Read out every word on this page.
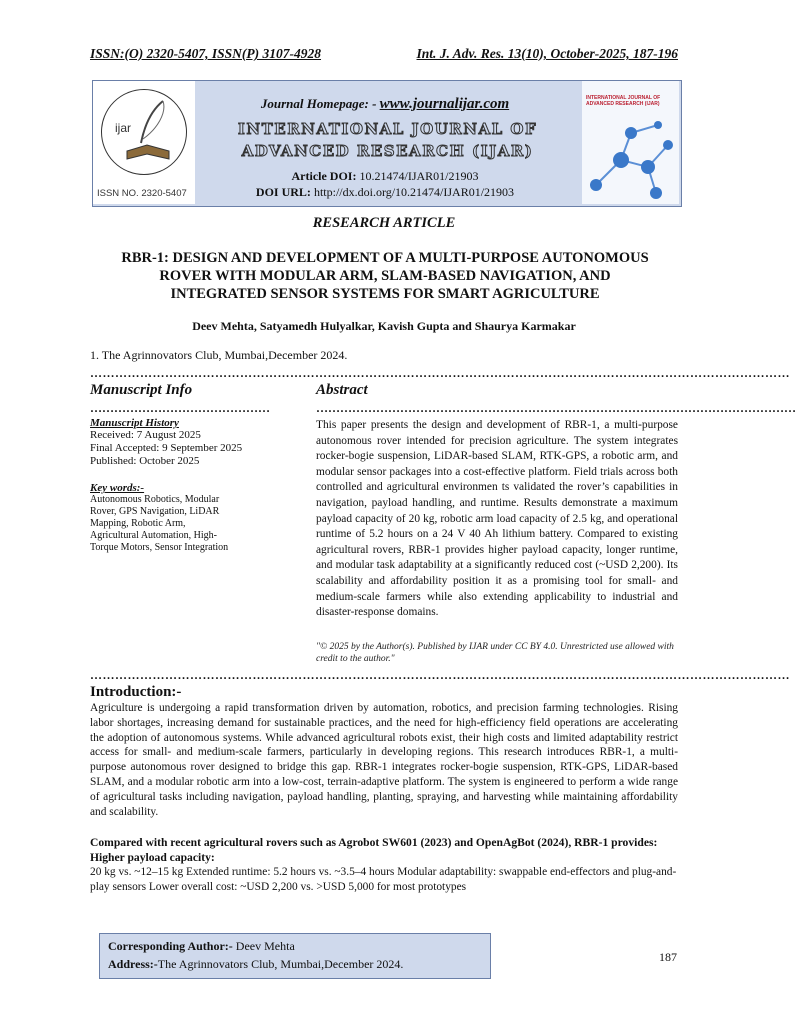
ISSN:(O) 2320-5407, ISSN(P) 3107-4928	Int. J. Adv. Res. 13(10), October-2025, 187-196
ijar
ISSN NO. 2320-5407
Journal Homepage: - www.journalijar.com
INTERNATIONAL JOURNAL OF
ADVANCED RESEARCH (IJAR)
Article DOI: 10.21474/IJAR01/21903
DOI URL: http://dx.doi.org/10.21474/IJAR01/21903
INTERNATIONAL JOURNAL OF ADVANCED RESEARCH (IJAR)
RESEARCH ARTICLE
RBR-1: DESIGN AND DEVELOPMENT OF A MULTI-PURPOSE AUTONOMOUS
ROVER WITH MODULAR ARM, SLAM-BASED NAVIGATION, AND
INTEGRATED SENSOR SYSTEMS FOR SMART AGRICULTURE
Deev Mehta, Satyamedh Hulyalkar, Kavish Gupta and Shaurya Karmakar
1. The Agrinnovators Club, Mumbai,December 2024.
……………………………………………………………………………………………………………………………………………………
Manuscript Info
………………………………………
Manuscript History
Received: 7 August 2025
Final Accepted: 9 September 2025
Published: October 2025
Key words:-
Autonomous Robotics, Modular
Rover, GPS Navigation, LiDAR
Mapping, Robotic Arm,
Agricultural Automation, High-
Torque Motors, Sensor Integration
Abstract
…………………………………………………………………………………………………………
This paper presents the design and development of RBR-1, a multi-purpose autonomous rover intended for precision agriculture. The system integrates rocker-bogie suspension, LiDAR-based SLAM, RTK-GPS, a robotic arm, and modular sensor packages into a cost-effective platform. Field trials across both controlled and agricultural environmen ts validated the rover’s capabilities in navigation, payload handling, and runtime. Results demonstrate a maximum payload capacity of 20 kg, robotic arm load capacity of 2.5 kg, and operational runtime of 5.2 hours on a 24 V 40 Ah lithium battery. Compared to existing agricultural rovers, RBR-1 provides higher payload capacity, longer runtime, and modular task adaptability at a significantly reduced cost (~USD 2,200). Its scalability and affordability position it as a promising tool for small- and medium-scale farmers while also extending applicability to industrial and disaster-response domains.
"© 2025 by the Author(s). Published by IJAR under CC BY 4.0. Unrestricted use allowed with credit to the author."
……………………………………………………………………………………………………………………………………………………
Introduction:-
Agriculture is undergoing a rapid transformation driven by automation, robotics, and precision farming technologies. Rising labor shortages, increasing demand for sustainable practices, and the need for high-efficiency field operations are accelerating the adoption of autonomous systems. While advanced agricultural robots exist, their high costs and limited adaptability restrict access for small- and medium-scale farmers, particularly in developing regions. This research introduces RBR-1, a multi-purpose autonomous rover designed to bridge this gap. RBR-1 integrates rocker-bogie suspension, RTK-GPS, LiDAR-based SLAM, and a modular robotic arm into a low-cost, terrain-adaptive platform. The system is engineered to perform a wide range of agricultural tasks including navigation, payload handling, planting, spraying, and harvesting while maintaining affordability and scalability.
Compared with recent agricultural rovers such as Agrobot SW601 (2023) and OpenAgBot (2024), RBR-1 provides: Higher payload capacity:
20 kg vs. ~12–15 kg Extended runtime: 5.2 hours vs. ~3.5–4 hours Modular adaptability: swappable end-effectors and plug-and-play sensors Lower overall cost: ~USD 2,200 vs. >USD 5,000 for most prototypes
Corresponding Author:- Deev Mehta
Address:-The Agrinnovators Club, Mumbai,December 2024.	187
